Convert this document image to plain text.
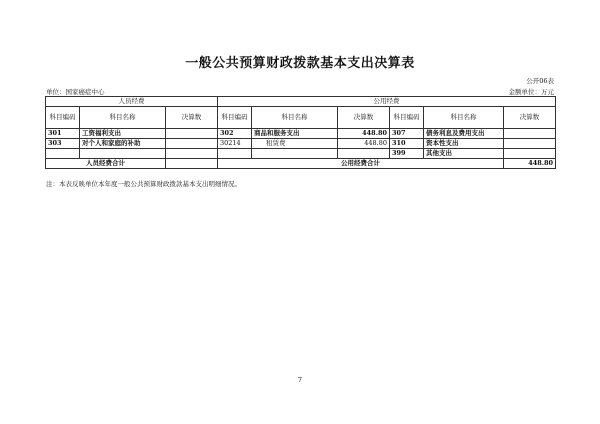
一般公共预算财政拨款基本支出决算表
公开06表
单位：国家癌症中心	金额单位：万元
人员经费			公用经费					
科目编码	科目名称	决算数	科目编码	科目名称	决算数	科目编码	科目名称	决算数
301	工资福利支出		302	商品和服务支出	448.80	307	债务利息及费用支出	
303	对个人和家庭的补助		30214	租赁费	448.80	310	资本性支出	
						399	其他支出	
人员经费合计			公用经费合计					448.80
注：本表反映单位本年度一般公共预算财政拨款基本支出明细情况。
7
